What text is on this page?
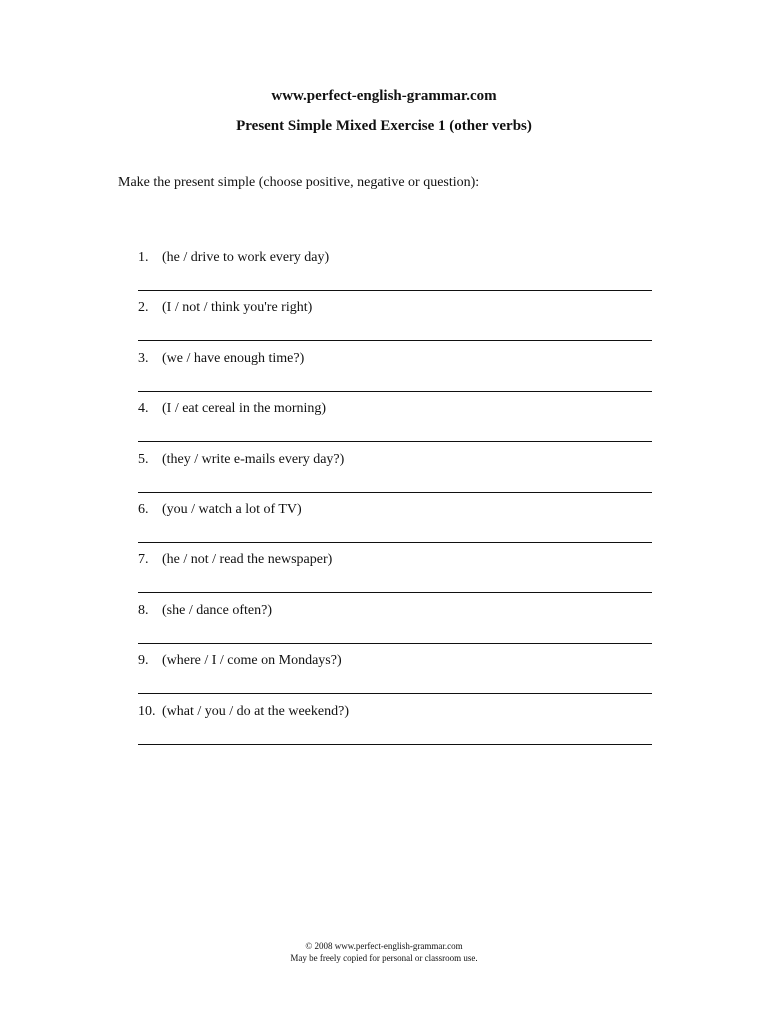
www.perfect-english-grammar.com
Present Simple Mixed Exercise 1 (other verbs)
Make the present simple (choose positive, negative or question):
1. (he / drive to work every day)
2. (I / not / think you're right)
3. (we / have enough time?)
4. (I / eat cereal in the morning)
5. (they / write e-mails every day?)
6. (you / watch a lot of TV)
7. (he / not / read the newspaper)
8. (she / dance often?)
9. (where / I / come on Mondays?)
10. (what / you / do at the weekend?)
© 2008 www.perfect-english-grammar.com
May be freely copied for personal or classroom use.
